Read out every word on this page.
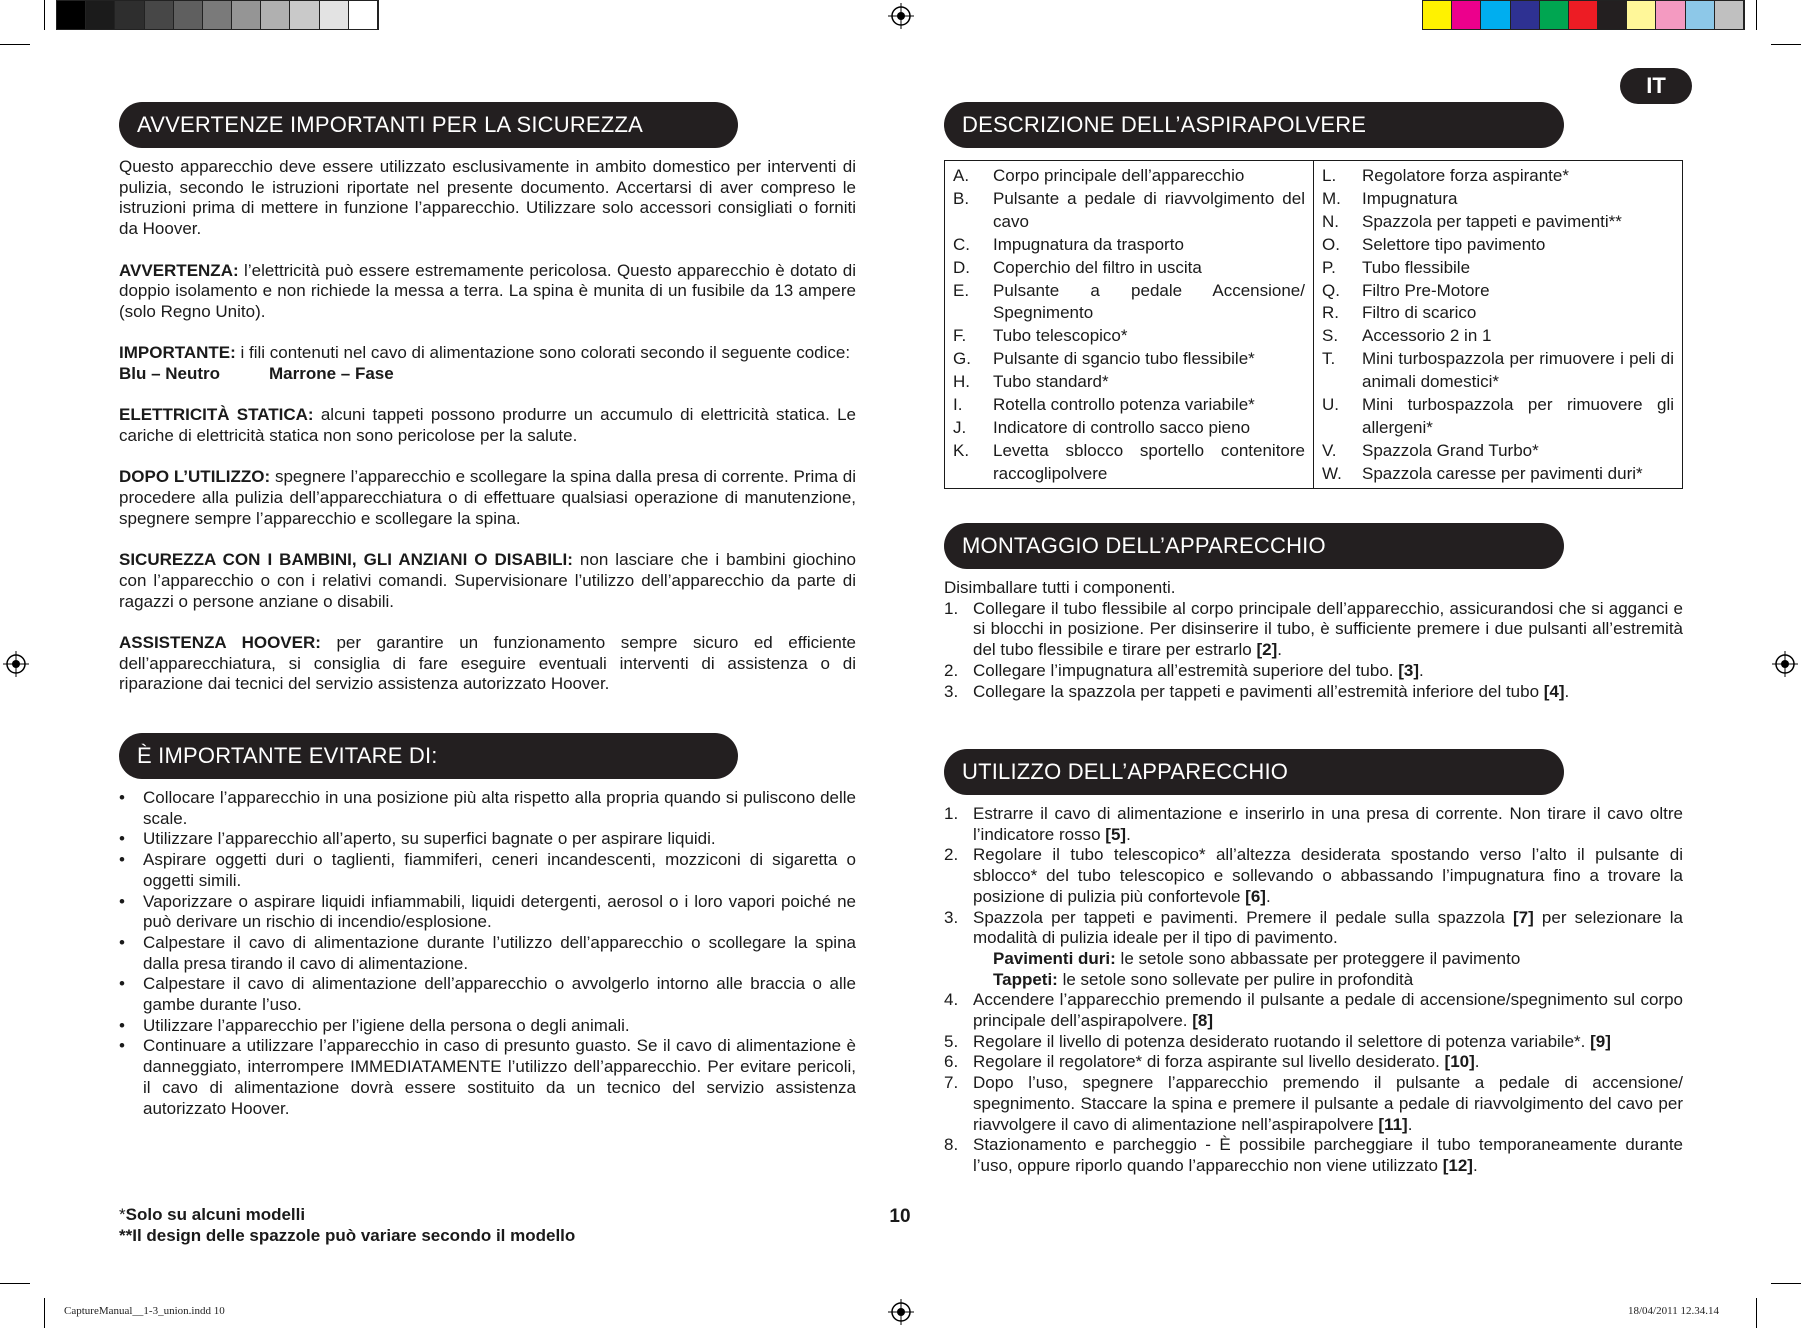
IT
AVVERTENZE IMPORTANTI PER LA SICUREZZA

Questo apparecchio deve essere utilizzato esclusivamente in ambito domestico per interventi di pulizia, secondo le istruzioni riportate nel presente documento. Accertarsi di aver compreso le istruzioni prima di mettere in funzione l’apparecchio. Utilizzare solo accessori consigliati o forniti da Hoover.

AVVERTENZA: l’elettricità può essere estremamente pericolosa. Questo apparecchio è dotato di doppio isolamento e non richiede la messa a terra. La spina è munita di un fusibile da 13 ampere (solo Regno Unito).

IMPORTANTE: i fili contenuti nel cavo di alimentazione sono colorati secondo il seguente codice:

Blu – Neutro	Marrone – Fase

ELETTRICITÀ STATICA: alcuni tappeti possono produrre un accumulo di elettricità statica. Le cariche di elettricità statica non sono pericolose per la salute.

DOPO L’UTILIZZO: spegnere l’apparecchio e scollegare la spina dalla presa di corrente. Prima di procedere alla pulizia dell’apparecchiatura o di effettuare qualsiasi operazione di manutenzione, spegnere sempre l’apparecchio e scollegare la spina.

SICUREZZA CON I BAMBINI, GLI ANZIANI O DISABILI: non lasciare che i bambini giochino con l’apparecchio o con i relativi comandi. Supervisionare l’utilizzo dell’apparecchio da parte di ragazzi o persone anziane o disabili.

ASSISTENZA HOOVER: per garantire un funzionamento sempre sicuro ed efficiente dell’apparecchiatura, si consiglia di fare eseguire eventuali interventi di assistenza o di riparazione dai tecnici del servizio assistenza autorizzato Hoover.

È IMPORTANTE EVITARE DI:
• Collocare l’apparecchio in una posizione più alta rispetto alla propria quando si puliscono delle scale.
• Utilizzare l’apparecchio all’aperto, su superfici bagnate o per aspirare liquidi.
• Aspirare oggetti duri o taglienti, fiammiferi, ceneri incandescenti, mozziconi di sigaretta o oggetti simili.
• Vaporizzare o aspirare liquidi infiammabili, liquidi detergenti, aerosol o i loro vapori poiché ne può derivare un rischio di incendio/esplosione.
• Calpestare il cavo di alimentazione durante l’utilizzo dell’apparecchio o scollegare la spina dalla presa tirando il cavo di alimentazione.
• Calpestare il cavo di alimentazione dell’apparecchio o avvolgerlo intorno alle braccia o alle gambe durante l’uso.
• Utilizzare l’apparecchio per l’igiene della persona o degli animali.
• Continuare a utilizzare l’apparecchio in caso di presunto guasto. Se il cavo di alimentazione è danneggiato, interrompere IMMEDIATAMENTE l’utilizzo dell’apparecchio. Per evitare pericoli, il cavo di alimentazione dovrà essere sostituito da un tecnico del servizio assistenza autorizzato Hoover.

*Solo su alcuni modelli

**Il design delle spazzole può variare secondo il modello

10
DESCRIZIONE DELL’ASPIRAPOLVERE
A.	Corpo principale dell’apparecchio
B.	Pulsante a pedale di riavvolgimento del cavo
C.	Impugnatura da trasporto
D.	Coperchio del filtro in uscita
E.	Pulsante a pedale Accensione/ Spegnimento
F.	Tubo telescopico*
G.	Pulsante di sgancio tubo flessibile*
H.	Tubo standard*
I.	Rotella controllo potenza variabile*
J.	Indicatore di controllo sacco pieno
K.	Levetta sblocco sportello contenitore raccoglipolvere

L.	Regolatore forza aspirante*
M.	Impugnatura
N.	Spazzola per tappeti e pavimenti**
O.	Selettore tipo pavimento
P.	Tubo flessibile
Q.	Filtro Pre-Motore
R.	Filtro di scarico
S.	Accessorio 2 in 1
T.	Mini turbospazzola per rimuovere i peli di animali domestici*
U.	Mini turbospazzola per rimuovere gli allergeni*
V.	Spazzola Grand Turbo*
W.	Spazzola caresse per pavimenti duri*
MONTAGGIO DELL’APPARECCHIO

Disimballare tutti i componenti.

1. Collegare il tubo flessibile al corpo principale dell’apparecchio, assicurandosi che si agganci e si blocchi in posizione. Per disinserire il tubo, è sufficiente premere i due pulsanti all’estremità del tubo flessibile e tirare per estrarlo [2].
2. Collegare l’impugnatura all’estremità superiore del tubo. [3].
3. Collegare la spazzola per tappeti e pavimenti all’estremità inferiore del tubo [4].
UTILIZZO DELL’APPARECCHIO
1. Estrarre il cavo di alimentazione e inserirlo in una presa di corrente. Non tirare il cavo oltre l’indicatore rosso [5].
2. Regolare il tubo telescopico* all’altezza desiderata spostando verso l’alto il pulsante di sblocco* del tubo telescopico e sollevando o abbassando l’impugnatura fino a trovare la posizione di pulizia più confortevole [6].
3. Spazzola per tappeti e pavimenti. Premere il pedale sulla spazzola [7] per selezionare la modalità di pulizia ideale per il tipo di pavimento.
Pavimenti duri: le setole sono abbassate per proteggere il pavimento
Tappeti: le setole sono sollevate per pulire in profondità
4. Accendere l’apparecchio premendo il pulsante a pedale di accensione/spegnimento sul corpo principale dell’aspirapolvere. [8]
5. Regolare il livello di potenza desiderato ruotando il selettore di potenza variabile*. [9]
6. Regolare il regolatore* di forza aspirante sul livello desiderato. [10].
7. Dopo l’uso, spegnere l’apparecchio premendo il pulsante a pedale di accensione/ spegnimento. Staccare la spina e premere il pulsante a pedale di riavvolgimento del cavo per riavvolgere il cavo di alimentazione nell’aspirapolvere [11].
8. Stazionamento e parcheggio - È possibile parcheggiare il tubo temporaneamente durante l’uso, oppure riporlo quando l’apparecchio non viene utilizzato [12].
CaptureManual__1-3_union.indd 10	18/04/2011 12.34.14
